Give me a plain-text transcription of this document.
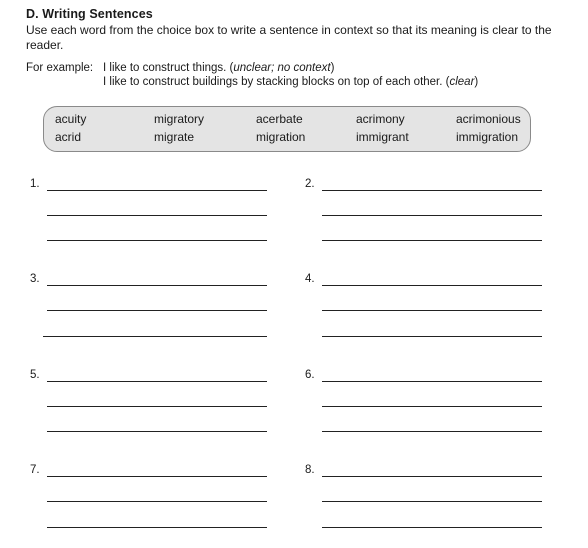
D. Writing Sentences
Use each word from the choice box to write a sentence in context so that its meaning is clear to the reader.
For example: I like to construct things. (unclear; no context)
I like to construct buildings by stacking blocks on top of each other. (clear)
acuity	migratory	acerbate	acrimony	acrimonious
acrid	migrate	migration	immigrant	immigration
1.	2.
3.	4.
5.	6.
7.	8.
